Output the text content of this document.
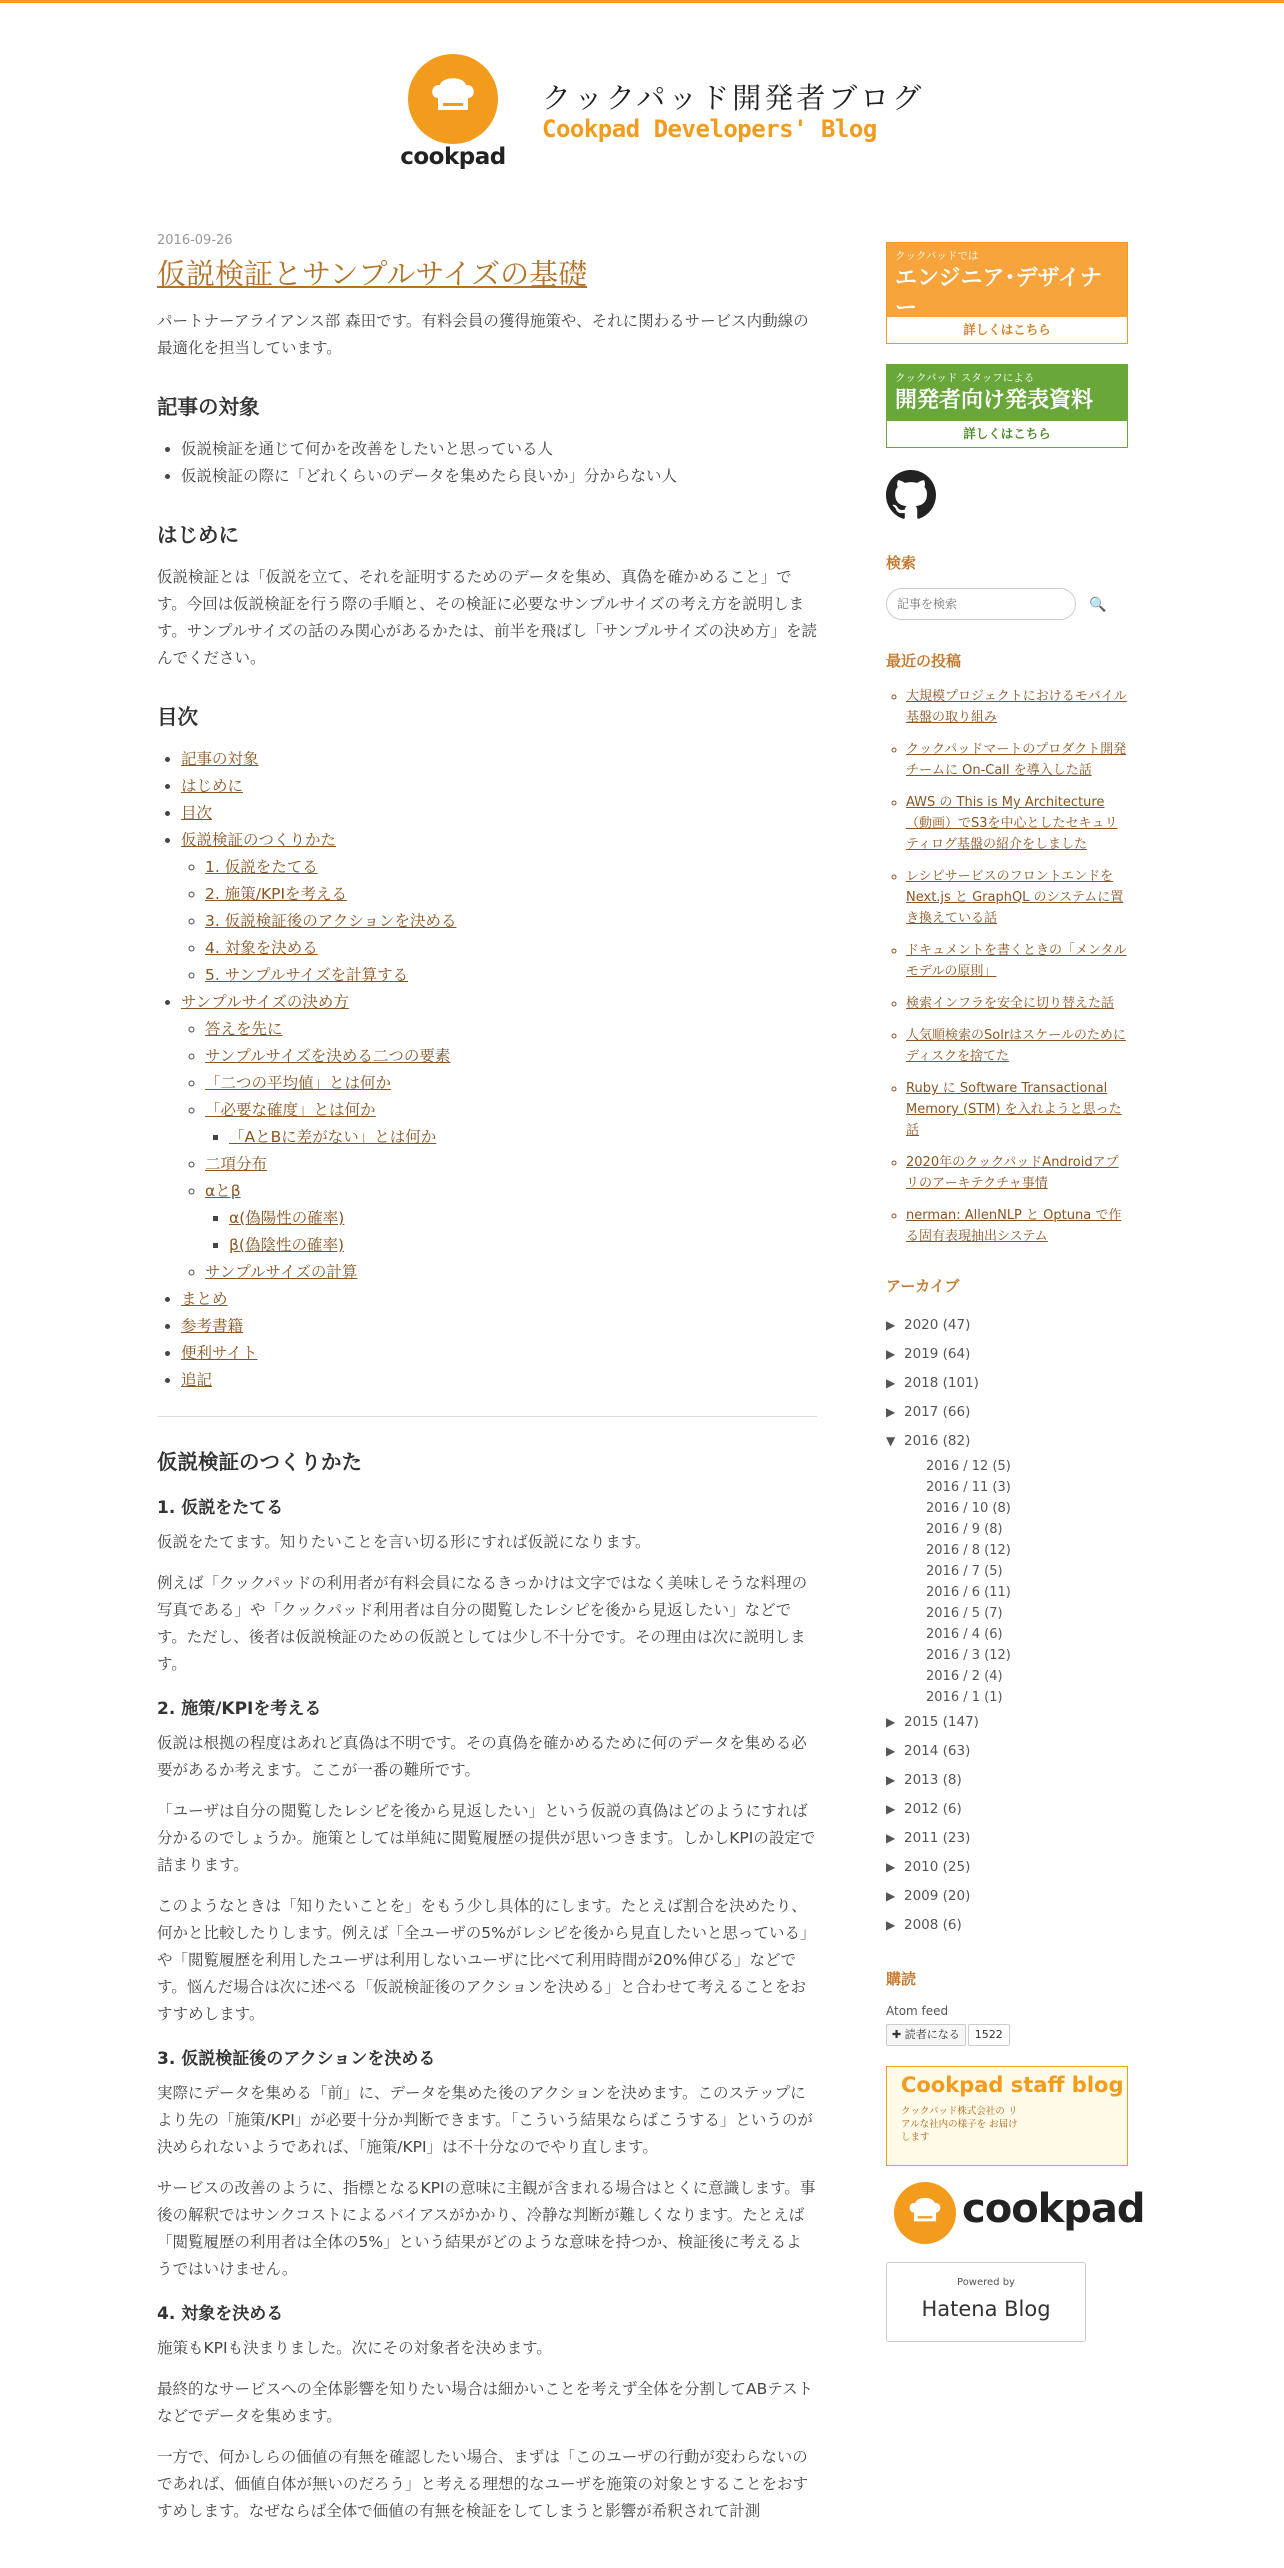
cookpad
クックパッド開発者ブログ
Cookpad Developers' Blog
2016-09-26
仮説検証とサンプルサイズの基礎

パートナーアライアンス部 森田です。有料会員の獲得施策や、それに関わるサービス内動線の最適化を担当しています。

記事の対象
• 仮説検証を通じて何かを改善をしたいと思っている人
• 仮説検証の際に「どれくらいのデータを集めたら良いか」分からない人
はじめに

仮説検証とは「仮説を立て、それを証明するためのデータを集め、真偽を確かめること」です。今回は仮説検証を行う際の手順と、その検証に必要なサンプルサイズの考え方を説明します。サンプルサイズの話のみ関心があるかたは、前半を飛ばし「サンプルサイズの決め方」を読んでください。

目次
• 記事の対象
• はじめに
• 目次
• 仮説検証のつくりかた
◦ 1. 仮説をたてる
◦ 2. 施策/KPIを考える
◦ 3. 仮説検証後のアクションを決める
◦ 4. 対象を決める
◦ 5. サンプルサイズを計算する
• サンプルサイズの決め方
◦ 答えを先に
◦ サンプルサイズを決める二つの要素
◦ 「二つの平均値」とは何か
◦ 「必要な確度」とは何か
▪ 「AとBに差がない」とは何か
◦ 二項分布
◦ αとβ
▪ α(偽陽性の確率)
▪ β(偽陰性の確率)
◦ サンプルサイズの計算
• まとめ
• 参考書籍
• 便利サイト
• 追記
仮説検証のつくりかた
1. 仮説をたてる

仮説をたてます。知りたいことを言い切る形にすれば仮説になります。

例えば「クックパッドの利用者が有料会員になるきっかけは文字ではなく美味しそうな料理の写真である」や「クックパッド利用者は自分の閲覧したレシピを後から見返したい」などです。ただし、後者は仮説検証のための仮説としては少し不十分です。その理由は次に説明します。

2. 施策/KPIを考える

仮説は根拠の程度はあれど真偽は不明です。その真偽を確かめるために何のデータを集める必要があるか考えます。ここが一番の難所です。

「ユーザは自分の閲覧したレシピを後から見返したい」という仮説の真偽はどのようにすれば分かるのでしょうか。施策としては単純に閲覧履歴の提供が思いつきます。しかしKPIの設定で詰まります。

このようなときは「知りたいことを」をもう少し具体的にします。たとえば割合を決めたり、何かと比較したりします。例えば「全ユーザの5%がレシピを後から見直したいと思っている」や「閲覧履歴を利用したユーザは利用しないユーザに比べて利用時間が20%伸びる」などです。悩んだ場合は次に述べる「仮説検証後のアクションを決める」と合わせて考えることをおすすめします。

3. 仮説検証後のアクションを決める

実際にデータを集める「前」に、データを集めた後のアクションを決めます。このステップにより先の「施策/KPI」が必要十分か判断できます。「こういう結果ならばこうする」というのが決められないようであれば、「施策/KPI」は不十分なのでやり直します。

サービスの改善のように、指標となるKPIの意味に主観が含まれる場合はとくに意識します。事後の解釈ではサンクコストによるバイアスがかかり、冷静な判断が難しくなります。たとえば「閲覧履歴の利用者は全体の5%」という結果がどのような意味を持つか、検証後に考えるようではいけません。

4. 対象を決める

施策もKPIも決まりました。次にその対象者を決めます。

最終的なサービスへの全体影響を知りたい場合は細かいことを考えず全体を分割してABテストなどでデータを集めます。

一方で、何かしらの価値の有無を確認したい場合、まずは「このユーザの行動が変わらないのであれば、価値自体が無いのだろう」と考える理想的なユーザを施策の対象とすることをおすすめします。なぜならば全体で価値の有無を検証をしてしまうと影響が希釈されて計測

クックパッドでは
エンジニア･デザイナー
を募集中です
詳しくはこちら
クックパッド スタッフによる
開発者向け発表資料
詳しくはこちら
検索
記事を検索
🔍
最近の投稿
◦ 大規模プロジェクトにおけるモバイル基盤の取り組み
◦ クックパッドマートのプロダクト開発チームに On-Call を導入した話
◦ AWS の This is My Architecture（動画）でS3を中心としたセキュリティログ基盤の紹介をしました
◦ レシピサービスのフロントエンドを Next.js と GraphQL のシステムに置き換えている話
◦ ドキュメントを書くときの「メンタルモデルの原則」
◦ 検索インフラを安全に切り替えた話
◦ 人気順検索のSolrはスケールのためにディスクを捨てた
◦ Ruby に Software Transactional Memory (STM) を入れようと思った話
◦ 2020年のクックパッドAndroidアプリのアーキテクチャ事情
◦ nerman: AllenNLP と Optuna で作る固有表現抽出システム
アーカイブ
▶ 2020 (47)
▶ 2019 (64)
▶ 2018 (101)
▶ 2017 (66)
▼ 2016 (82)
2016 / 12 (5)
2016 / 11 (3)
2016 / 10 (8)
2016 / 9 (8)
2016 / 8 (12)
2016 / 7 (5)
2016 / 6 (11)
2016 / 5 (7)
2016 / 4 (6)
2016 / 3 (12)
2016 / 2 (4)
2016 / 1 (1)
▶ 2015 (147)
▶ 2014 (63)
▶ 2013 (8)
▶ 2012 (6)
▶ 2011 (23)
▶ 2010 (25)
▶ 2009 (20)
▶ 2008 (6)
購読
Atom feed
✚ 読者になる 1522
Cookpad staff blog
クックパッド株式会社の リアルな社内の様子を お届けします
cookpad
Powered by
Hatena Blog
